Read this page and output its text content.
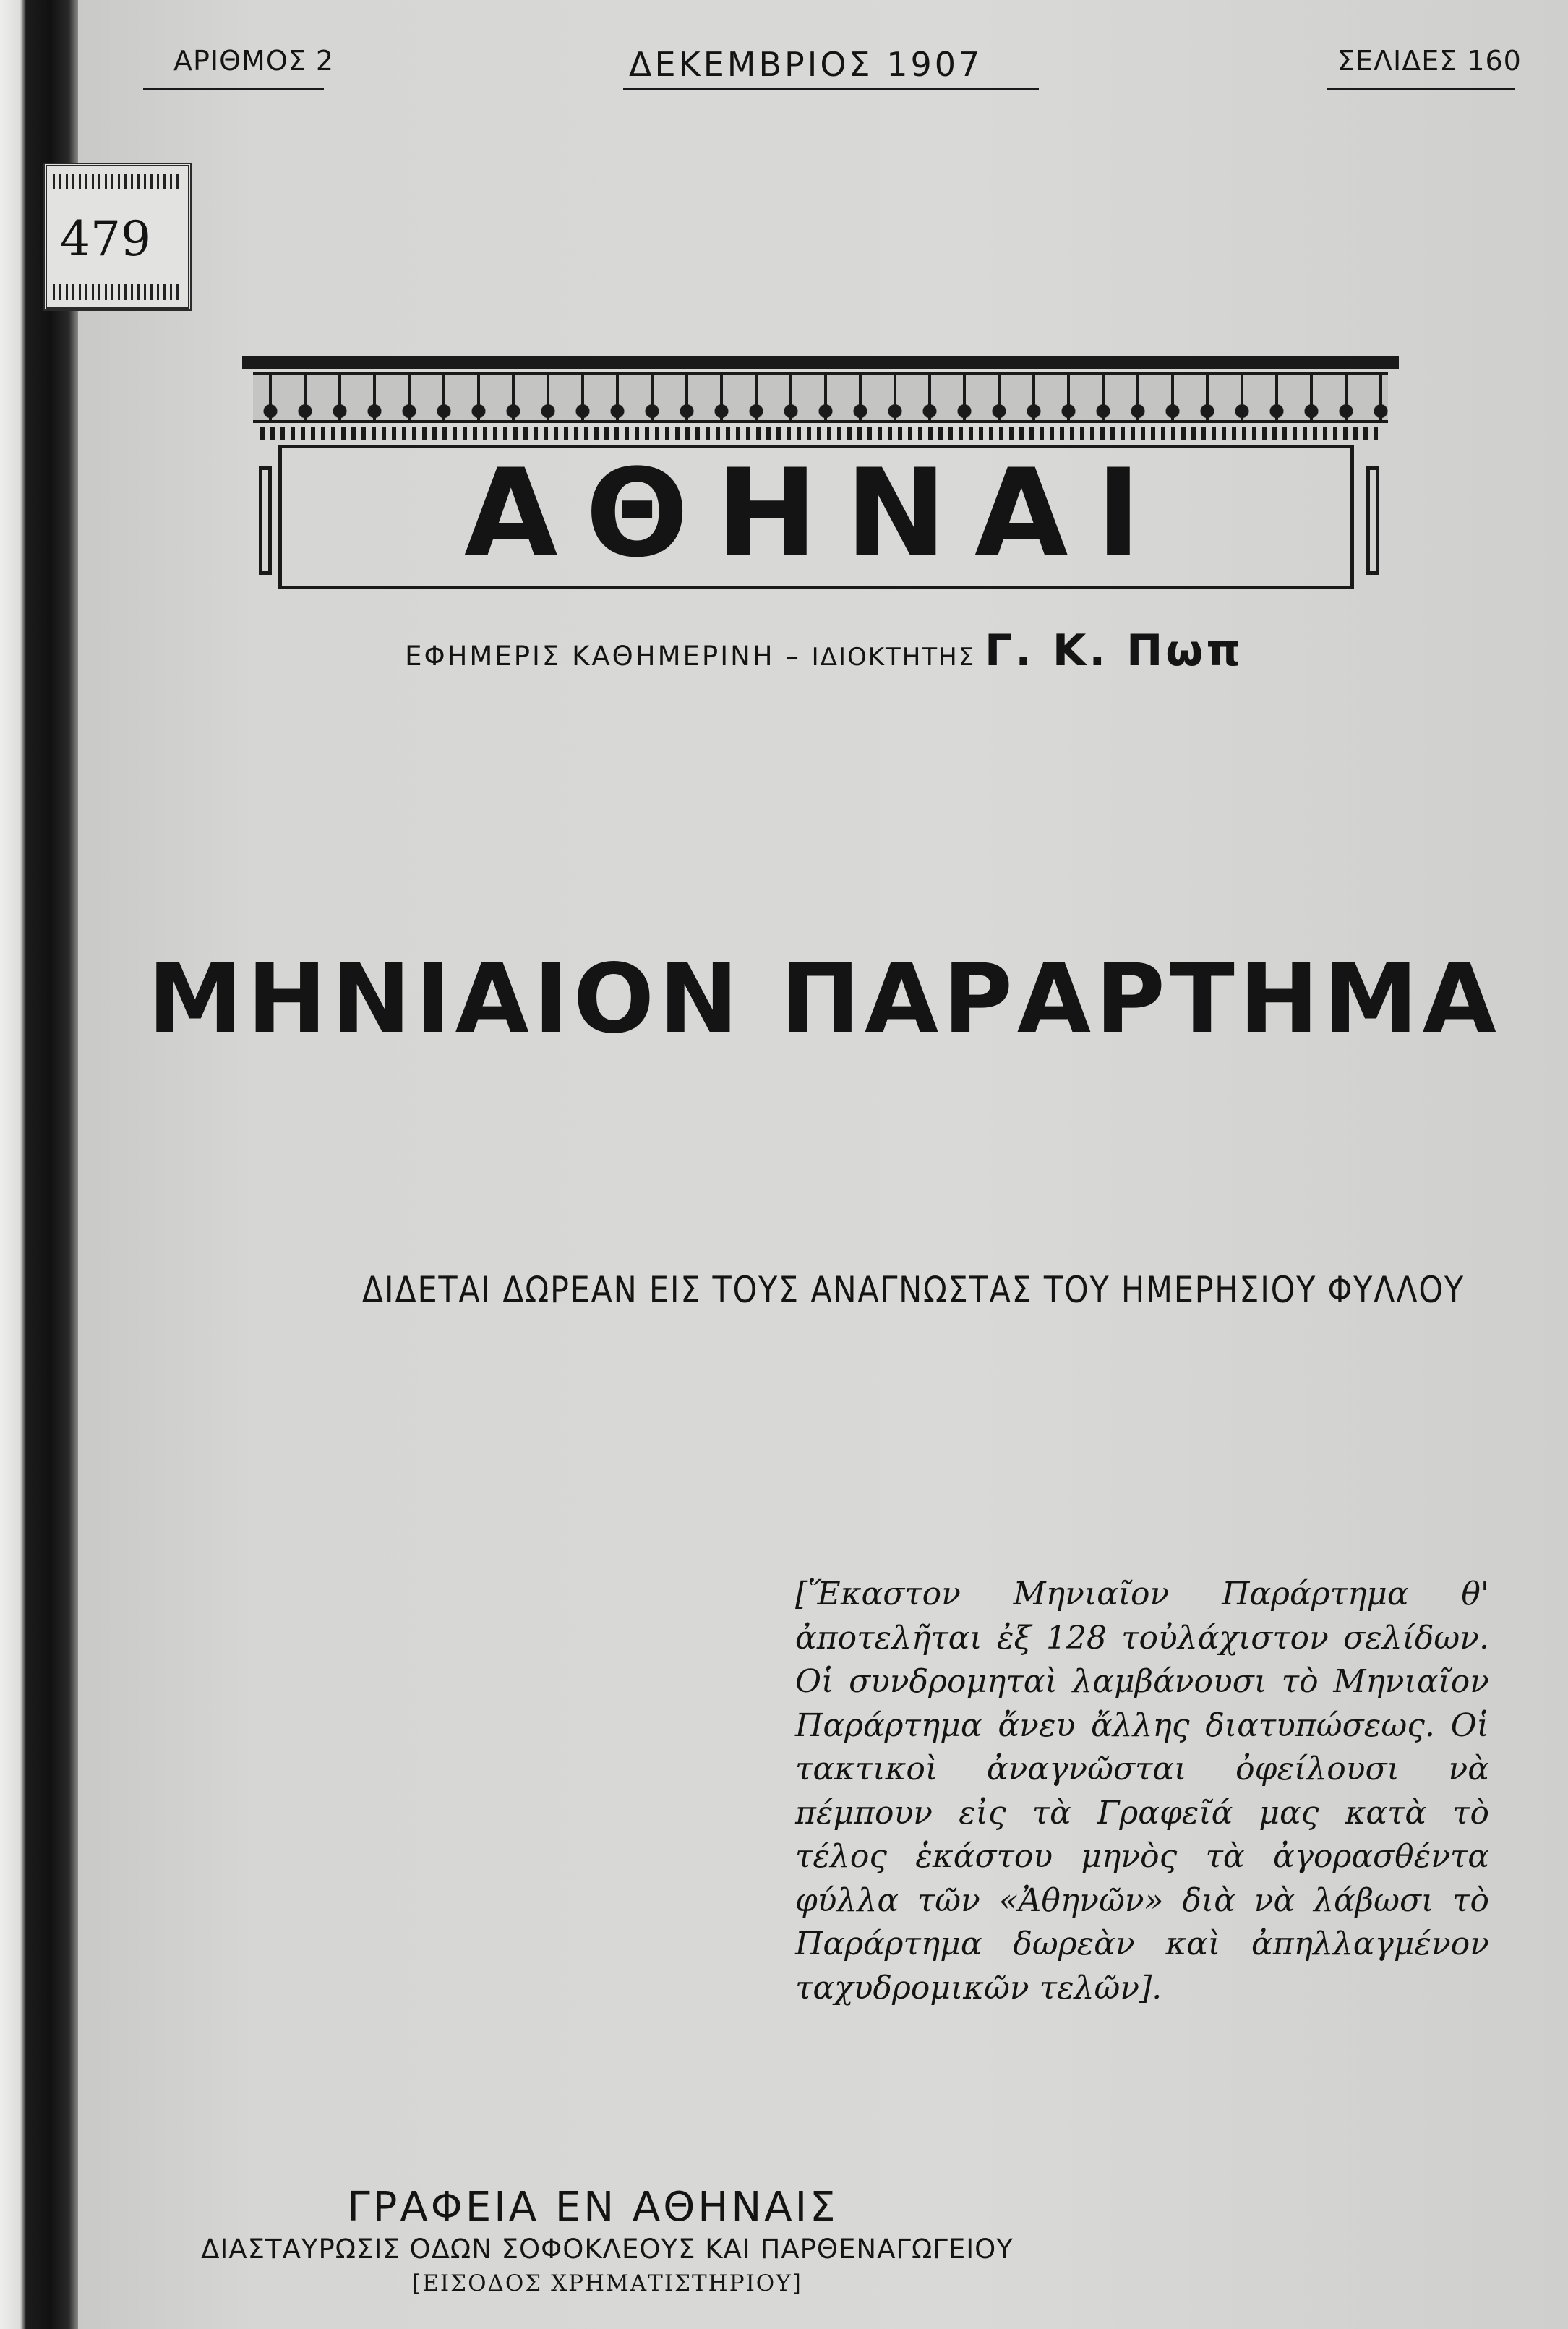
ΑΡΙΘΜΟΣ 2	ΔΕΚΕΜΒΡΙΟΣ 1907	ΣΕΛΙΔΕΣ 160
479
ΑΘΗΝΑΙ
ΕΦΗΜΕΡΙΣ ΚΑΘΗΜΕΡΙΝΗ – ΙΔΙΟΚΤΗΤΗΣ Γ. Κ. Πωπ
ΜΗΝΙΑΙΟΝ ΠΑΡΑΡΤΗΜΑ
ΔΙΔΕΤΑΙ ΔΩΡΕΑΝ ΕΙΣ ΤΟΥΣ ΑΝΑΓΝΩΣΤΑΣ ΤΟΥ ΗΜΕΡΗΣΙΟΥ ΦΥΛΛΟΥ
[Ἕκαστον Μηνιαῖον Παράρτημα θ' ἀποτελῆται ἐξ 128 τοὐλάχιστον σελίδων. Οἱ συνδρομηταὶ λαμβάνουσι τὸ Μηνιαῖον Παράρτημα ἄνευ ἄλλης διατυπώσεως. Οἱ τακτικοὶ ἀναγνῶσται ὀφείλουσι νὰ πέμπουν εἰς τὰ Γραφεῖά μας κατὰ τὸ τέλος ἑκάστου μηνὸς τὰ ἀγορασθέντα φύλλα τῶν «Ἀθηνῶν» διὰ νὰ λάβωσι τὸ Παράρτημα δωρεὰν καὶ ἀπηλλαγμένον ταχυδρομικῶν τελῶν].
ΓΡΑΦΕΙΑ ΕΝ ΑΘΗΝΑΙΣ
ΔΙΑΣΤΑΥΡΩΣΙΣ ΟΔΩΝ ΣΟΦΟΚΛΕΟΥΣ ΚΑΙ ΠΑΡΘΕΝΑΓΩΓΕΙΟΥ
[ΕΙΣΟΔΟΣ ΧΡΗΜΑΤΙΣΤΗΡΙΟΥ]
